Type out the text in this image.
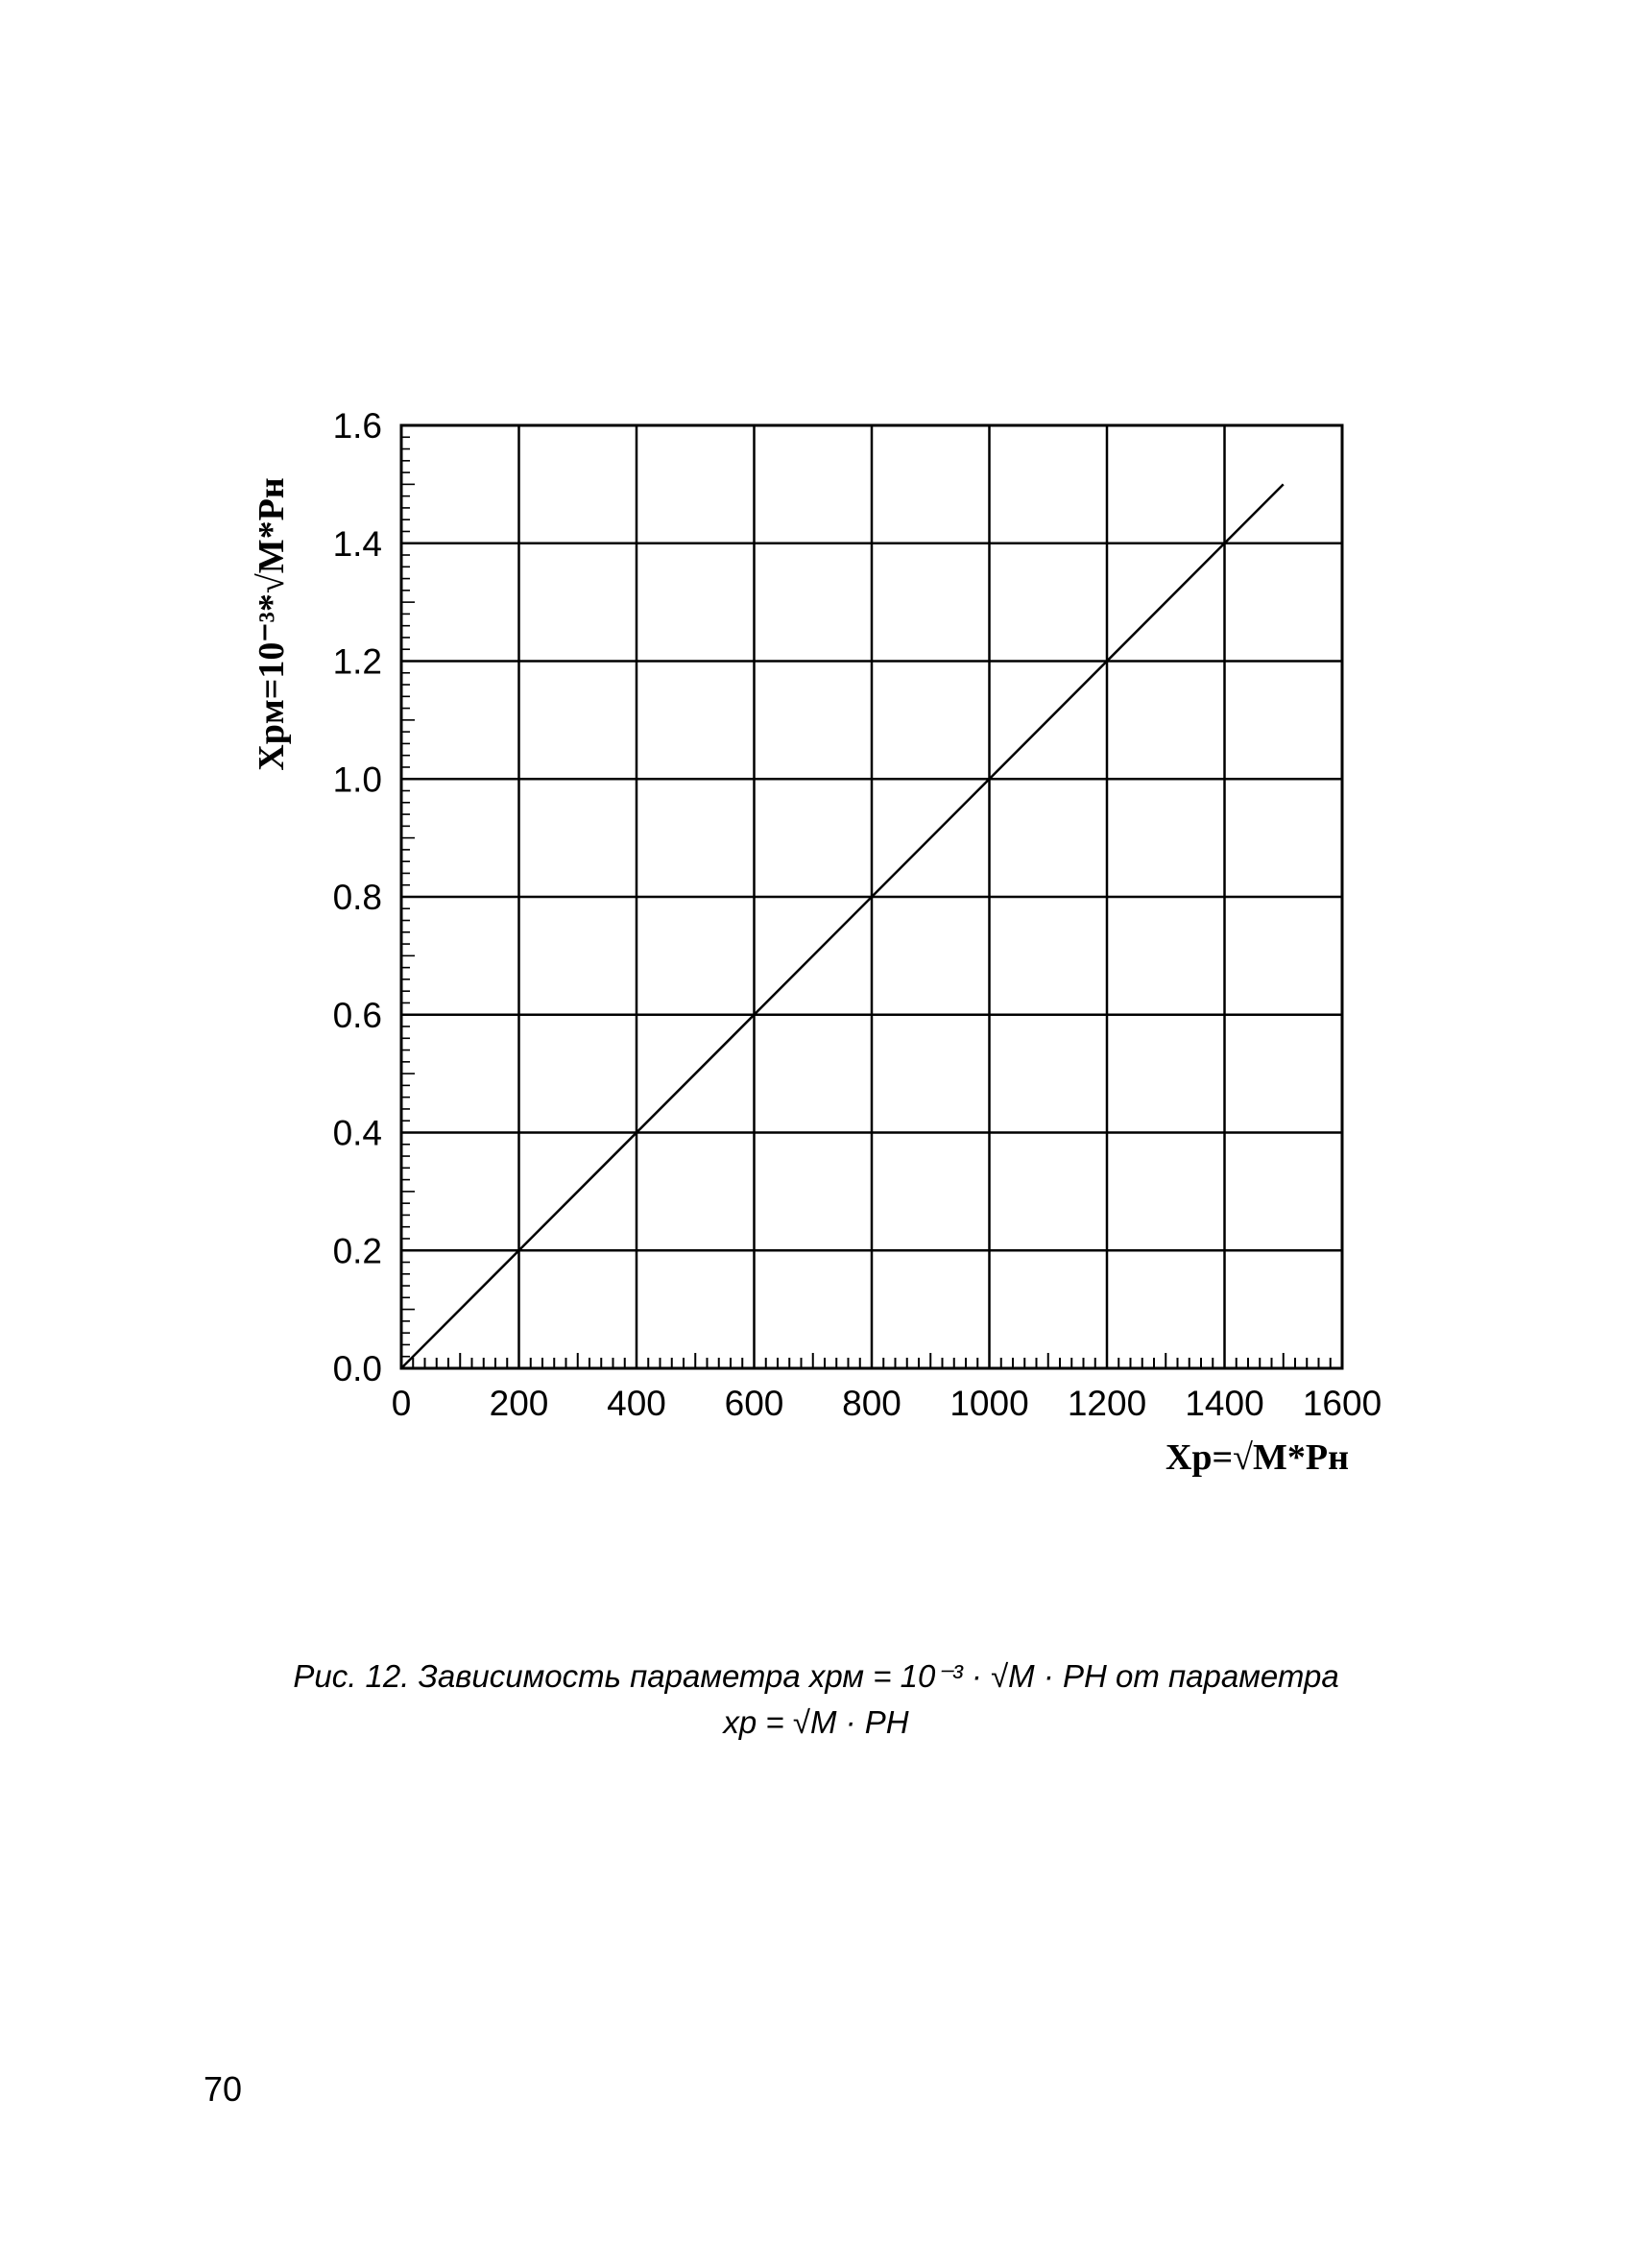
0 200 400 600 800 1000 1200 1400 1600
0.0
0.2
0.4
0.6
0.8
1.0
1.2
1.4
1.6
Xp=√M*Pн
Xpм=10⁻³*√M*Pн
Рис. 12. Зависимость параметра xрм = 10⁻³ · √M · PН от параметра
xр = √M · PН
70
